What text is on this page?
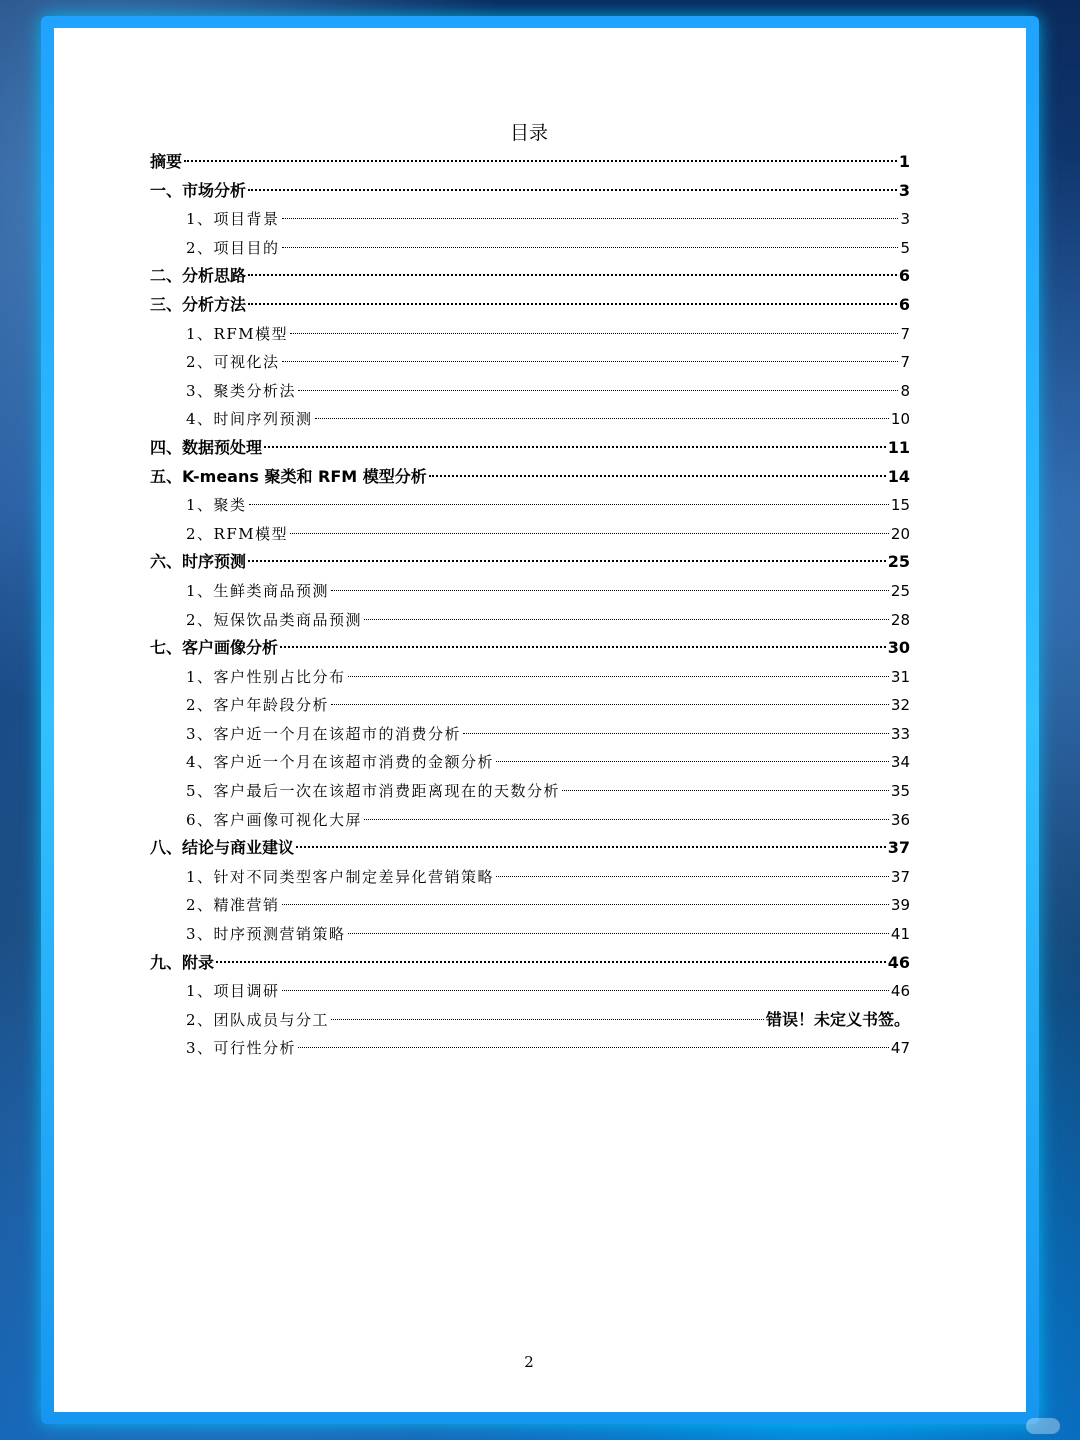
目录
摘要	1
一、市场分析	3
1、项目背景	3
2、项目目的	5
二、分析思路	6
三、分析方法	6
1、RFM模型	7
2、可视化法	7
3、聚类分析法	8
4、时间序列预测	10
四、数据预处理	11
五、K-means 聚类和 RFM 模型分析	14
1、聚类	15
2、RFM模型	20
六、时序预测	25
1、生鲜类商品预测	25
2、短保饮品类商品预测	28
七、客户画像分析	30
1、客户性别占比分布	31
2、客户年龄段分析	32
3、客户近一个月在该超市的消费分析	33
4、客户近一个月在该超市消费的金额分析	34
5、客户最后一次在该超市消费距离现在的天数分析	35
6、客户画像可视化大屏	36
八、结论与商业建议	37
1、针对不同类型客户制定差异化营销策略	37
2、精准营销	39
3、时序预测营销策略	41
九、附录	46
1、项目调研	46
2、团队成员与分工	错误！未定义书签。
3、可行性分析	47
2
